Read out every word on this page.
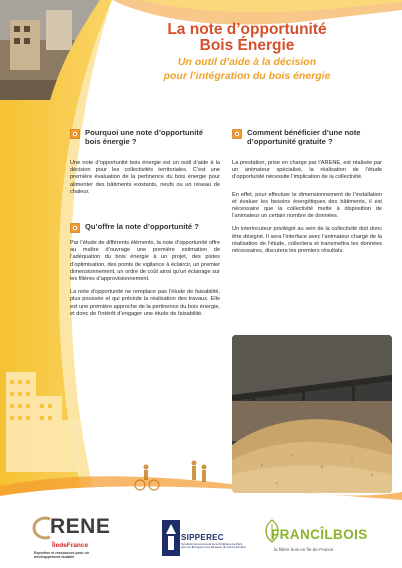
La note d’opportunité
Bois Énergie
Un outil d’aide à la décision
pour l’intégration du bois énergie
Pourquoi une note d’opportunité bois énergie ?

Une note d’opportunité bois énergie est un outil d’aide à la décision pour les collectivités territoriales. C’est une première évaluation de la pertinence du bois énergie pour alimenter des bâtiments existants, neufs ou un réseau de chaleur.

Qu’offre la note d’opportunité ?

Par l’étude de différents éléments, la note d’opportunité offre au maître d’ouvrage une première estimation de l’adéquation du bois énergie à un projet, des pistes d’optimisation, des points de vigilance à éclaircir, un premier dimensionnement, un ordre de coût ainsi qu’un éclairage sur les filières d’approvisionnement.

La note d’opportunité ne remplace pas l’étude de faisabilité, plus poussée et qui précède la réalisation des travaux. Elle est une première approche de la pertinence du bois énergie, et donc de l’intérêt d’engager une étude de faisabilité.

Comment bénéficier d’une note d’opportunité gratuite ?

La prestation, prise en charge par l’ARENE, est réalisée par un animateur spécialisé, la réalisation de l’étude d’opportunité nécessite l’implication de la collectivité.

En effet, pour effectuer le dimensionnement de l’installation et évaluer les besoins énergétiques des bâtiments, il est nécessaire que la collectivité mette à disposition de l’animateur un certain nombre de données.

Un interlocuteur privilégié au sein de la collectivité doit donc être désigné. Il sera l’interface avec l’animateur chargé de la réalisation de l’étude, collectera et transmettra les données nécessaires, discutera les premiers résultats.

RENE
ÎledeFrance
Expertise et ressources pour un développement durable
SIPPEREC
Syndicat Intercommunal de la Périphérie de Paris pour les Énergies et les Réseaux de Communication
FRANCÎLBOIS
la filière bois en Île-de-France
